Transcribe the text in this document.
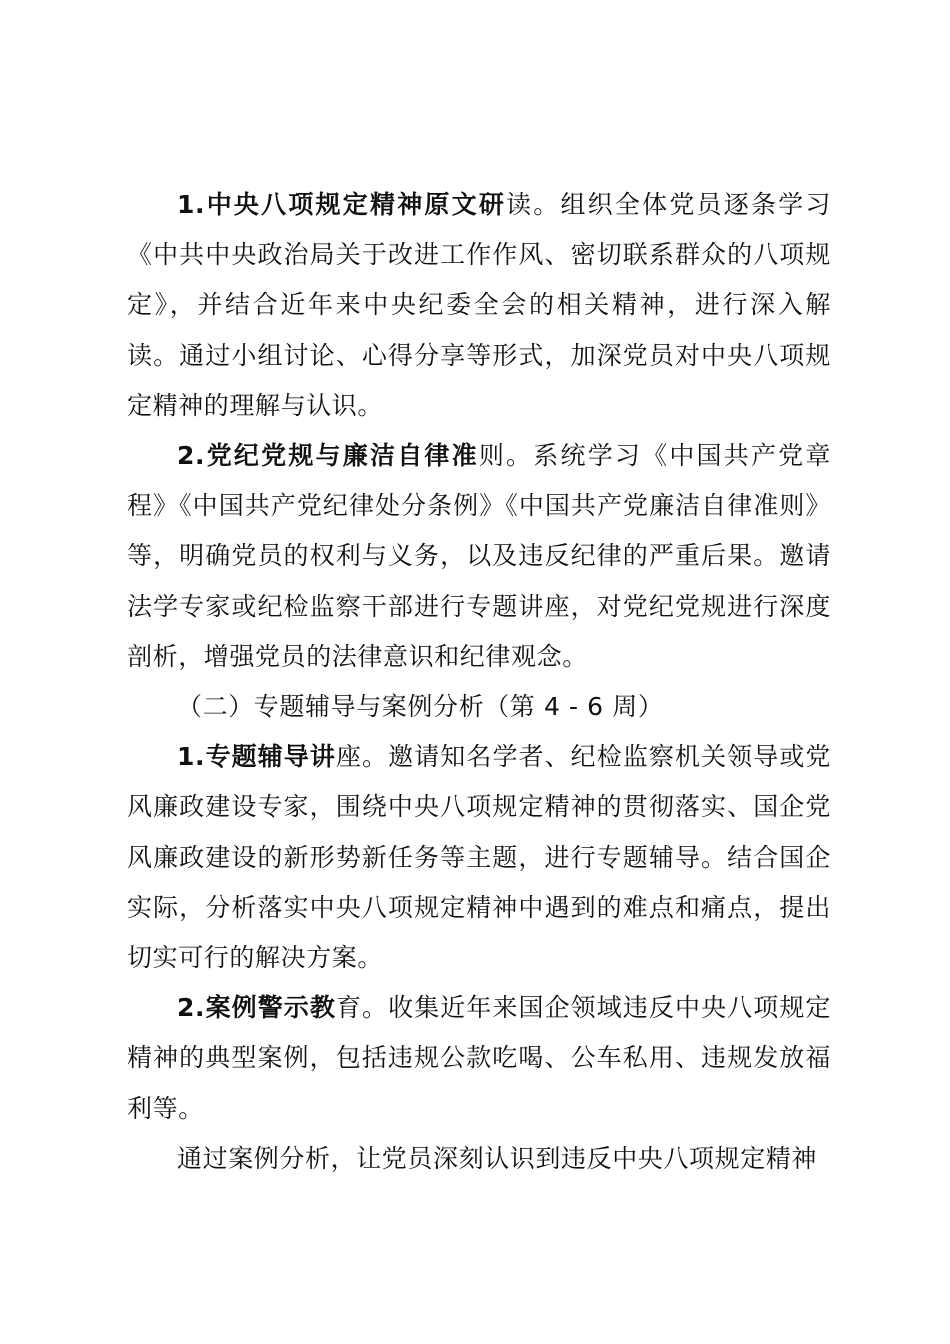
1.中央八项规定精神原文研读。组织全体党员逐条学习《中共中央政治局关于改进工作作风、密切联系群众的八项规定》，并结合近年来中央纪委全会的相关精神，进行深入解读。通过小组讨论、心得分享等形式，加深党员对中央八项规定精神的理解与认识。

2.党纪党规与廉洁自律准则。系统学习《中国共产党章程》《中国共产党纪律处分条例》《中国共产党廉洁自律准则》等，明确党员的权利与义务，以及违反纪律的严重后果。邀请法学专家或纪检监察干部进行专题讲座，对党纪党规进行深度剖析，增强党员的法律意识和纪律观念。

（二）专题辅导与案例分析（第 4 - 6 周）

1.专题辅导讲座。邀请知名学者、纪检监察机关领导或党风廉政建设专家，围绕中央八项规定精神的贯彻落实、国企党风廉政建设的新形势新任务等主题，进行专题辅导。结合国企实际，分析落实中央八项规定精神中遇到的难点和痛点，提出切实可行的解决方案。

2.案例警示教育。收集近年来国企领域违反中央八项规定精神的典型案例，包括违规公款吃喝、公车私用、违规发放福利等。

通过案例分析，让党员深刻认识到违反中央八项规定精神
